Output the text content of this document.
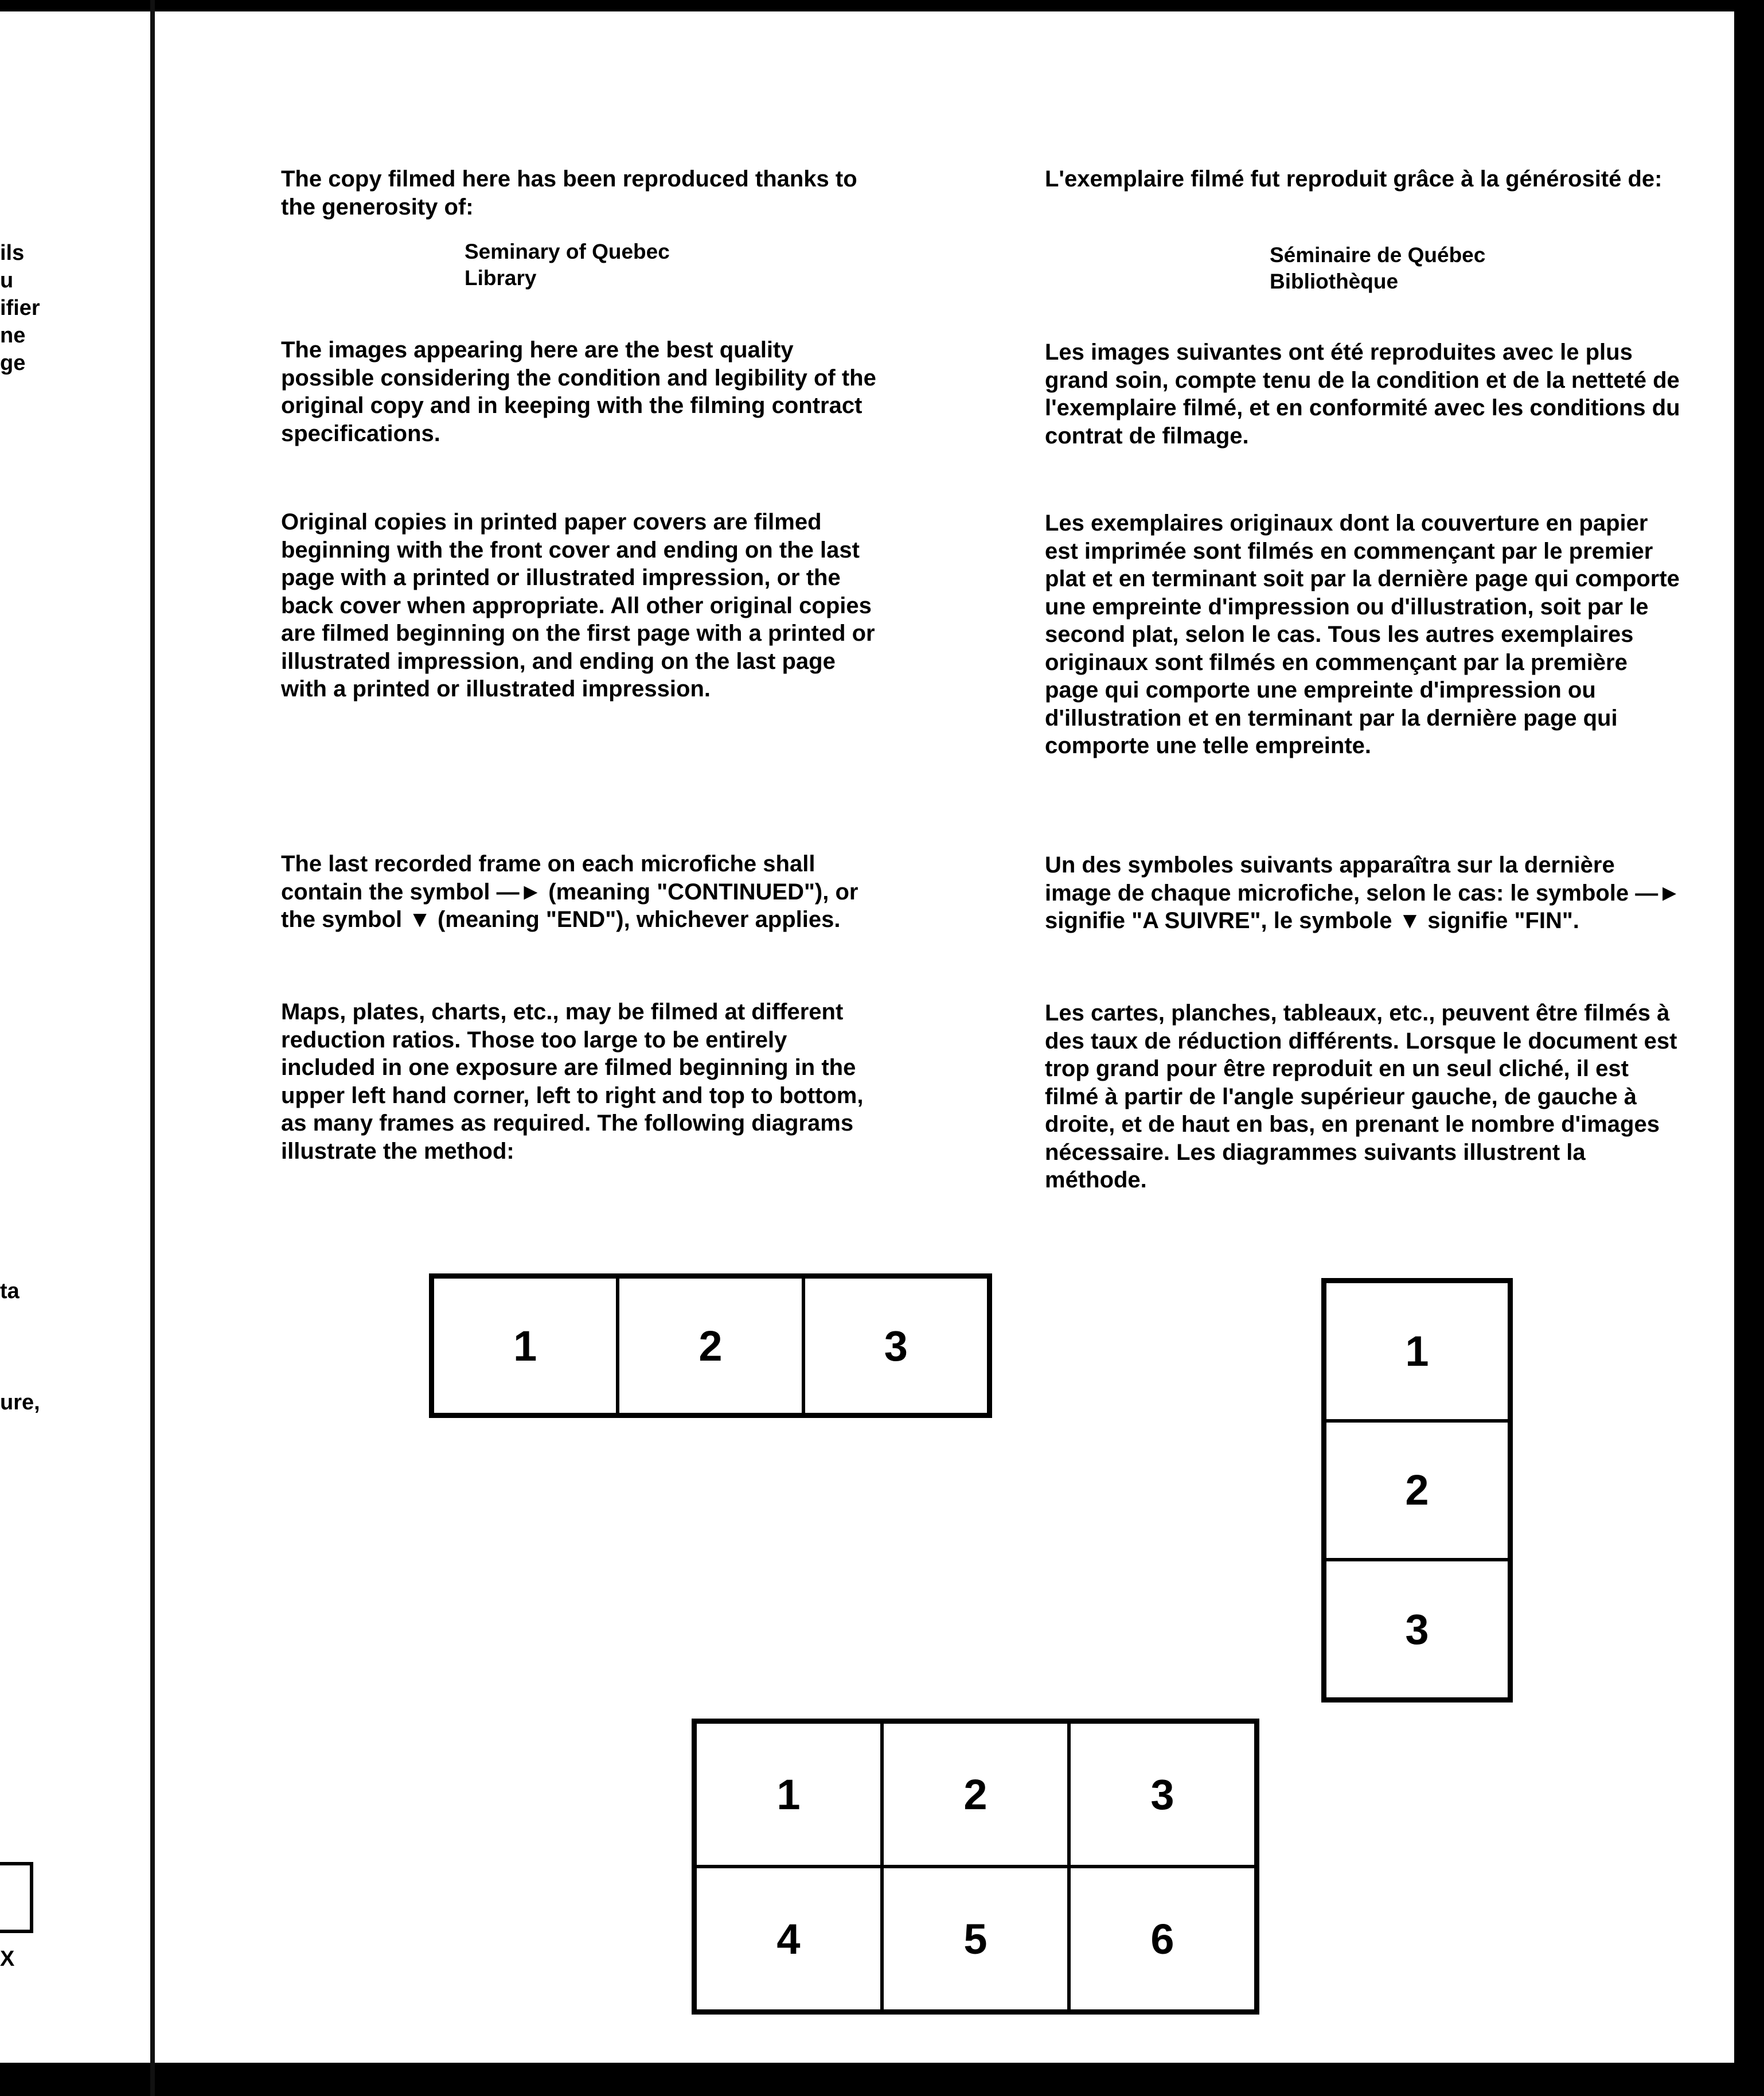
ils
u
ifier
ne
ge
ta
ure,
X

The copy filmed here has been reproduced thanks to the generosity of:

Seminary of Quebec
Library

The images appearing here are the best quality possible considering the condition and legibility of the original copy and in keeping with the filming contract specifications.

Original copies in printed paper covers are filmed beginning with the front cover and ending on the last page with a printed or illustrated impression, or the back cover when appropriate. All other original copies are filmed beginning on the first page with a printed or illustrated impression, and ending on the last page with a printed or illustrated impression.

The last recorded frame on each microfiche shall contain the symbol —► (meaning "CONTINUED"), or the symbol ▼ (meaning "END"), whichever applies.

Maps, plates, charts, etc., may be filmed at different reduction ratios. Those too large to be entirely included in one exposure are filmed beginning in the upper left hand corner, left to right and top to bottom, as many frames as required. The following diagrams illustrate the method:

L'exemplaire filmé fut reproduit grâce à la générosité de:

Séminaire de Québec
Bibliothèque

Les images suivantes ont été reproduites avec le plus grand soin, compte tenu de la condition et de la netteté de l'exemplaire filmé, et en conformité avec les conditions du contrat de filmage.

Les exemplaires originaux dont la couverture en papier est imprimée sont filmés en commençant par le premier plat et en terminant soit par la dernière page qui comporte une empreinte d'impression ou d'illustration, soit par le second plat, selon le cas. Tous les autres exemplaires originaux sont filmés en commençant par la première page qui comporte une empreinte d'impression ou d'illustration et en terminant par la dernière page qui comporte une telle empreinte.

Un des symboles suivants apparaîtra sur la dernière image de chaque microfiche, selon le cas: le symbole —► signifie "A SUIVRE", le symbole ▼ signifie "FIN".

Les cartes, planches, tableaux, etc., peuvent être filmés à des taux de réduction différents. Lorsque le document est trop grand pour être reproduit en un seul cliché, il est filmé à partir de l'angle supérieur gauche, de gauche à droite, et de haut en bas, en prenant le nombre d'images nécessaire. Les diagrammes suivants illustrent la méthode.

1	2	3	1
2
3
1	2	3
4	5	6
